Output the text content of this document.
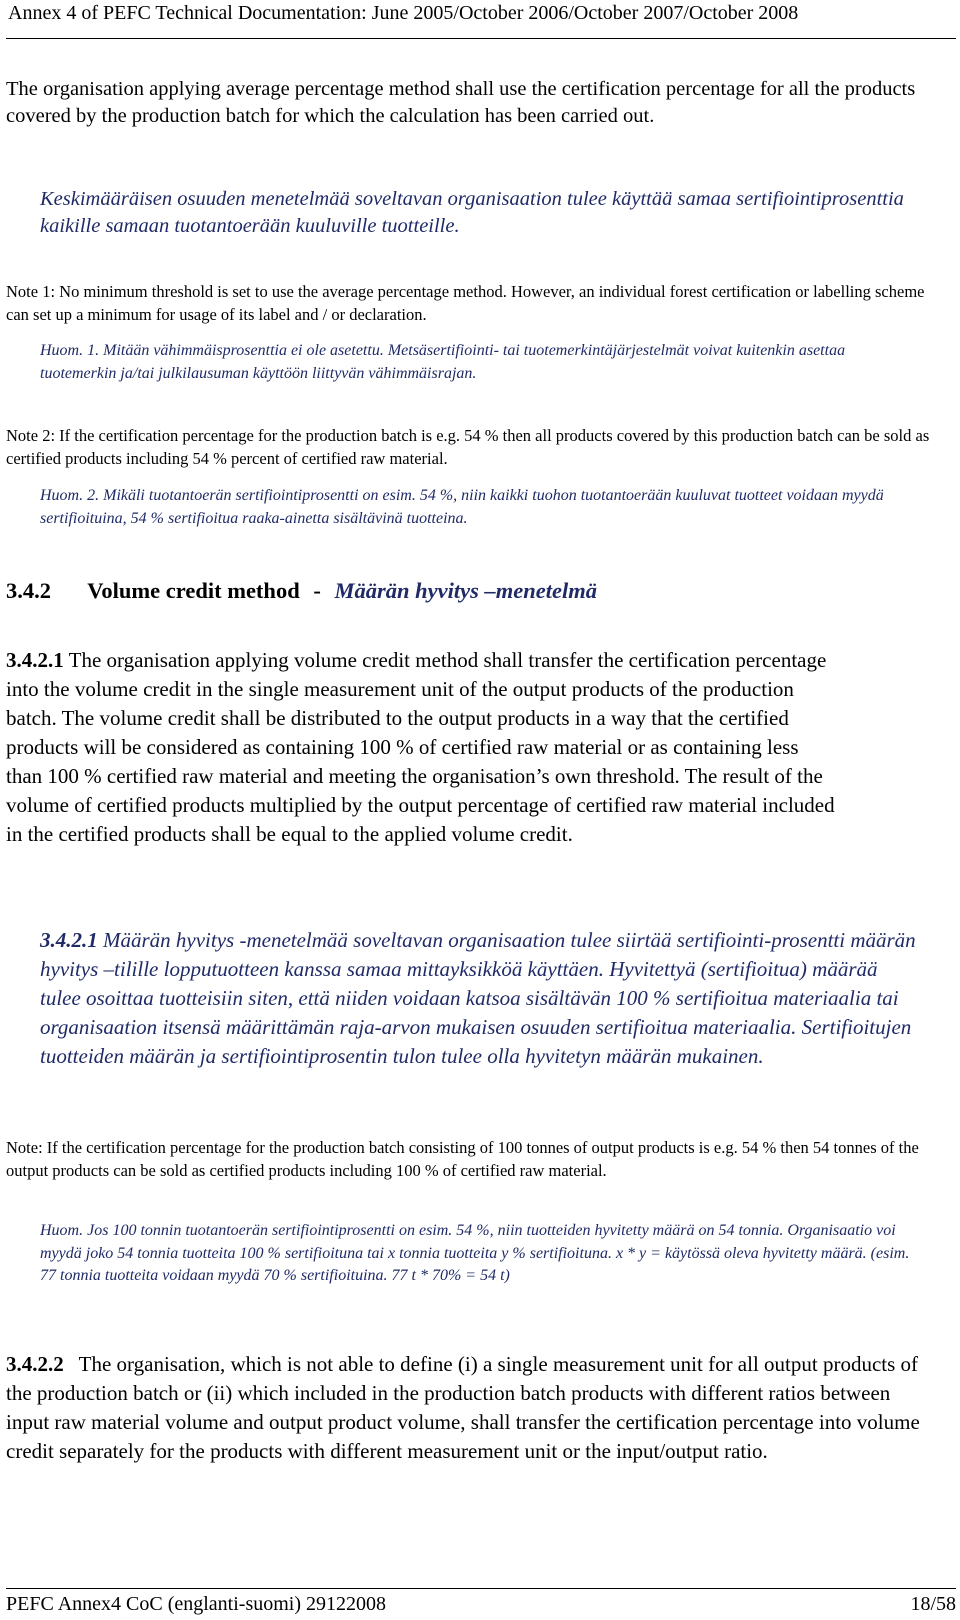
Annex 4 of PEFC Technical Documentation: June 2005/October 2006/October 2007/October 2008

The organisation applying average percentage method shall use the certification percentage for all the products covered by the production batch for which the calculation has been carried out.

Keskimääräisen osuuden menetelmää soveltavan organisaation tulee käyttää samaa sertifiointiprosenttia kaikille samaan tuotantoerään kuuluville tuotteille.

Note 1: No minimum threshold is set to use the average percentage method. However, an individual forest certification or labelling scheme can set up a minimum for usage of its label and / or declaration.

Huom. 1. Mitään vähimmäisprosenttia ei ole asetettu. Metsäsertifiointi- tai tuotemerkintäjärjestelmät voivat kuitenkin asettaa tuotemerkin ja/tai julkilausuman käyttöön liittyvän vähimmäisrajan.

Note 2: If the certification percentage for the production batch is e.g. 54 % then all products covered by this production batch can be sold as certified products including 54 % percent of certified raw material.

Huom. 2. Mikäli tuotantoerän sertifiointiprosentti on esim. 54 %, niin kaikki tuohon tuotantoerään kuuluvat tuotteet voidaan myydä sertifioituina, 54 % sertifioitua raaka-ainetta sisältävinä tuotteina.

3.4.2 Volume credit method - Määrän hyvitys –menetelmä

3.4.2.1 The organisation applying volume credit method shall transfer the certification percentage into the volume credit in the single measurement unit of the output products of the production batch. The volume credit shall be distributed to the output products in a way that the certified products will be considered as containing 100 % of certified raw material or as containing less than 100 % certified raw material and meeting the organisation’s own threshold. The result of the volume of certified products multiplied by the output percentage of certified raw material included in the certified products shall be equal to the applied volume credit.

3.4.2.1 Määrän hyvitys -menetelmää soveltavan organisaation tulee siirtää sertifiointi-prosentti määrän hyvitys –tilille lopputuotteen kanssa samaa mittayksikköä käyttäen. Hyvitettyä (sertifioitua) määrää tulee osoittaa tuotteisiin siten, että niiden voidaan katsoa sisältävän 100 % sertifioitua materiaalia tai organisaation itsensä määrittämän raja-arvon mukaisen osuuden sertifioitua materiaalia. Sertifioitujen tuotteiden määrän ja sertifiointiprosentin tulon tulee olla hyvitetyn määrän mukainen.

Note: If the certification percentage for the production batch consisting of 100 tonnes of output products is e.g. 54 % then 54 tonnes of the output products can be sold as certified products including 100 % of certified raw material.

Huom. Jos 100 tonnin tuotantoerän sertifiointiprosentti on esim. 54 %, niin tuotteiden hyvitetty määrä on 54 tonnia. Organisaatio voi myydä joko 54 tonnia tuotteita 100 % sertifioituna tai x tonnia tuotteita y % sertifioituna. x * y = käytössä oleva hyvitetty määrä. (esim. 77 tonnia tuotteita voidaan myydä 70 % sertifioituina. 77 t * 70% = 54 t)

3.4.2.2 The organisation, which is not able to define (i) a single measurement unit for all output products of the production batch or (ii) which included in the production batch products with different ratios between input raw material volume and output product volume, shall transfer the certification percentage into volume credit separately for the products with different measurement unit or the input/output ratio.

PEFC Annex4 CoC (englanti-suomi) 29122008	18/58
